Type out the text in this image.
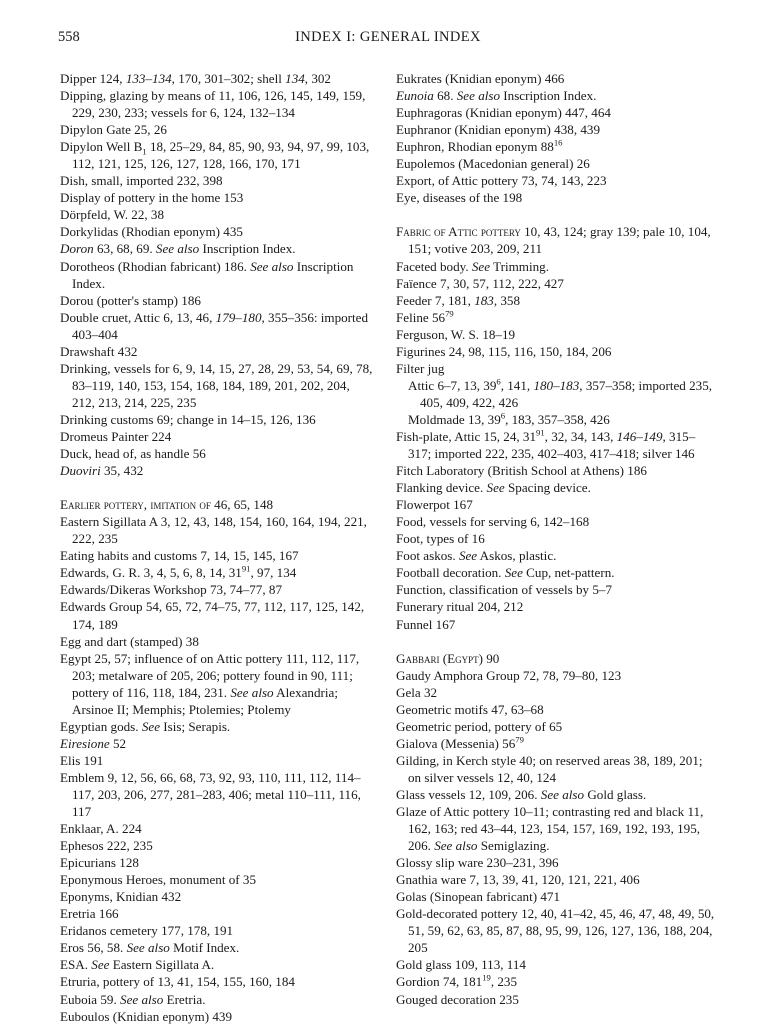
558	INDEX I: GENERAL INDEX
Dipper 124, 133–134, 170, 301–302; shell 134, 302
Dipping, glazing by means of 11, 106, 126, 145, 149, 159, 229, 230, 233; vessels for 6, 124, 132–134
Dipylon Gate 25, 26
Dipylon Well $B_1$ 18, 25–29, 84, 85, 90, 93, 94, 97, 99, 103, 112, 121, 125, 126, 127, 128, 166, 170, 171
Dish, small, imported 232, 398
Display of pottery in the home 153
Dörpfeld, W. 22, 38
Dorkylidas (Rhodian eponym) 435
Doron 63, 68, 69. See also Inscription Index.
Dorotheos (Rhodian fabricant) 186. See also Inscription Index.
Dorou (potter's stamp) 186
Double cruet, Attic 6, 13, 46, 179–180, 355–356: imported 403–404
Drawshaft 432
Drinking, vessels for 6, 9, 14, 15, 27, 28, 29, 53, 54, 69, 78, 83–119, 140, 153, 154, 168, 184, 189, 201, 202, 204, 212, 213, 214, 225, 235
Drinking customs 69; change in 14–15, 126, 136
Dromeus Painter 224
Duck, head of, as handle 56
Duoviri 35, 432
Earlier pottery, imitation of 46, 65, 148
Eastern Sigillata A 3, 12, 43, 148, 154, 160, 164, 194, 221, 222, 235
Eating habits and customs 7, 14, 15, 145, 167
Edwards, G. R. 3, 4, 5, 6, 8, 14, $31^{91}$, 97, 134
Edwards/Dikeras Workshop 73, 74–77, 87
Edwards Group 54, 65, 72, 74–75, 77, 112, 117, 125, 142, 174, 189
Egg and dart (stamped) 38
Egypt 25, 57; influence of on Attic pottery 111, 112, 117, 203; metalware of 205, 206; pottery found in 90, 111; pottery of 116, 118, 184, 231. See also Alexandria; Arsinoe II; Memphis; Ptolemies; Ptolemy
Egyptian gods. See Isis; Serapis.
Eiresione 52
Elis 191
Emblem 9, 12, 56, 66, 68, 73, 92, 93, 110, 111, 112, 114–117, 203, 206, 277, 281–283, 406; metal 110–111, 116, 117
Enklaar, A. 224
Ephesos 222, 235
Epicurians 128
Eponymous Heroes, monument of 35
Eponyms, Knidian 432
Eretria 166
Eridanos cemetery 177, 178, 191
Eros 56, 58. See also Motif Index.
ESA. See Eastern Sigillata A.
Etruria, pottery of 13, 41, 154, 155, 160, 184
Euboia 59. See also Eretria.
Euboulos (Knidian eponym) 439
Eukrates (Knidian eponym) 466
Eunoia 68. See also Inscription Index.
Euphragoras (Knidian eponym) 447, 464
Euphranor (Knidian eponym) 438, 439
Euphron, Rhodian eponym $88^{16}$
Eupolemos (Macedonian general) 26
Export, of Attic pottery 73, 74, 143, 223
Eye, diseases of the 198
Fabric of Attic pottery 10, 43, 124; gray 139; pale 10, 104, 151; votive 203, 209, 211
Faceted body. See Trimming.
Faïence 7, 30, 57, 112, 222, 427
Feeder 7, 181, 183, 358
Feline $56^{79}$
Ferguson, W. S. 18–19
Figurines 24, 98, 115, 116, 150, 184, 206
Filter jug
Attic 6–7, 13, $39^6$, 141, 180–183, 357–358; imported 235, 405, 409, 422, 426
Moldmade 13, $39^6$, 183, 357–358, 426
Fish-plate, Attic 15, 24, $31^{91}$, 32, 34, 143, 146–149, 315–317; imported 222, 235, 402–403, 417–418; silver 146
Fitch Laboratory (British School at Athens) 186
Flanking device. See Spacing device.
Flowerpot 167
Food, vessels for serving 6, 142–168
Foot, types of 16
Foot askos. See Askos, plastic.
Football decoration. See Cup, net-pattern.
Function, classification of vessels by 5–7
Funerary ritual 204, 212
Funnel 167
Gabbari (Egypt) 90
Gaudy Amphora Group 72, 78, 79–80, 123
Gela 32
Geometric motifs 47, 63–68
Geometric period, pottery of 65
Gialova (Messenia) $56^{79}$
Gilding, in Kerch style 40; on reserved areas 38, 189, 201; on silver vessels 12, 40, 124
Glass vessels 12, 109, 206. See also Gold glass.
Glaze of Attic pottery 10–11; contrasting red and black 11, 162, 163; red 43–44, 123, 154, 157, 169, 192, 193, 195, 206. See also Semiglazing.
Glossy slip ware 230–231, 396
Gnathia ware 7, 13, 39, 41, 120, 121, 221, 406
Golas (Sinopean fabricant) 471
Gold-decorated pottery 12, 40, 41–42, 45, 46, 47, 48, 49, 50, 51, 59, 62, 63, 85, 87, 88, 95, 99, 126, 127, 136, 188, 204, 205
Gold glass 109, 113, 114
Gordion 74, $181^{19}$, 235
Gouged decoration 235
